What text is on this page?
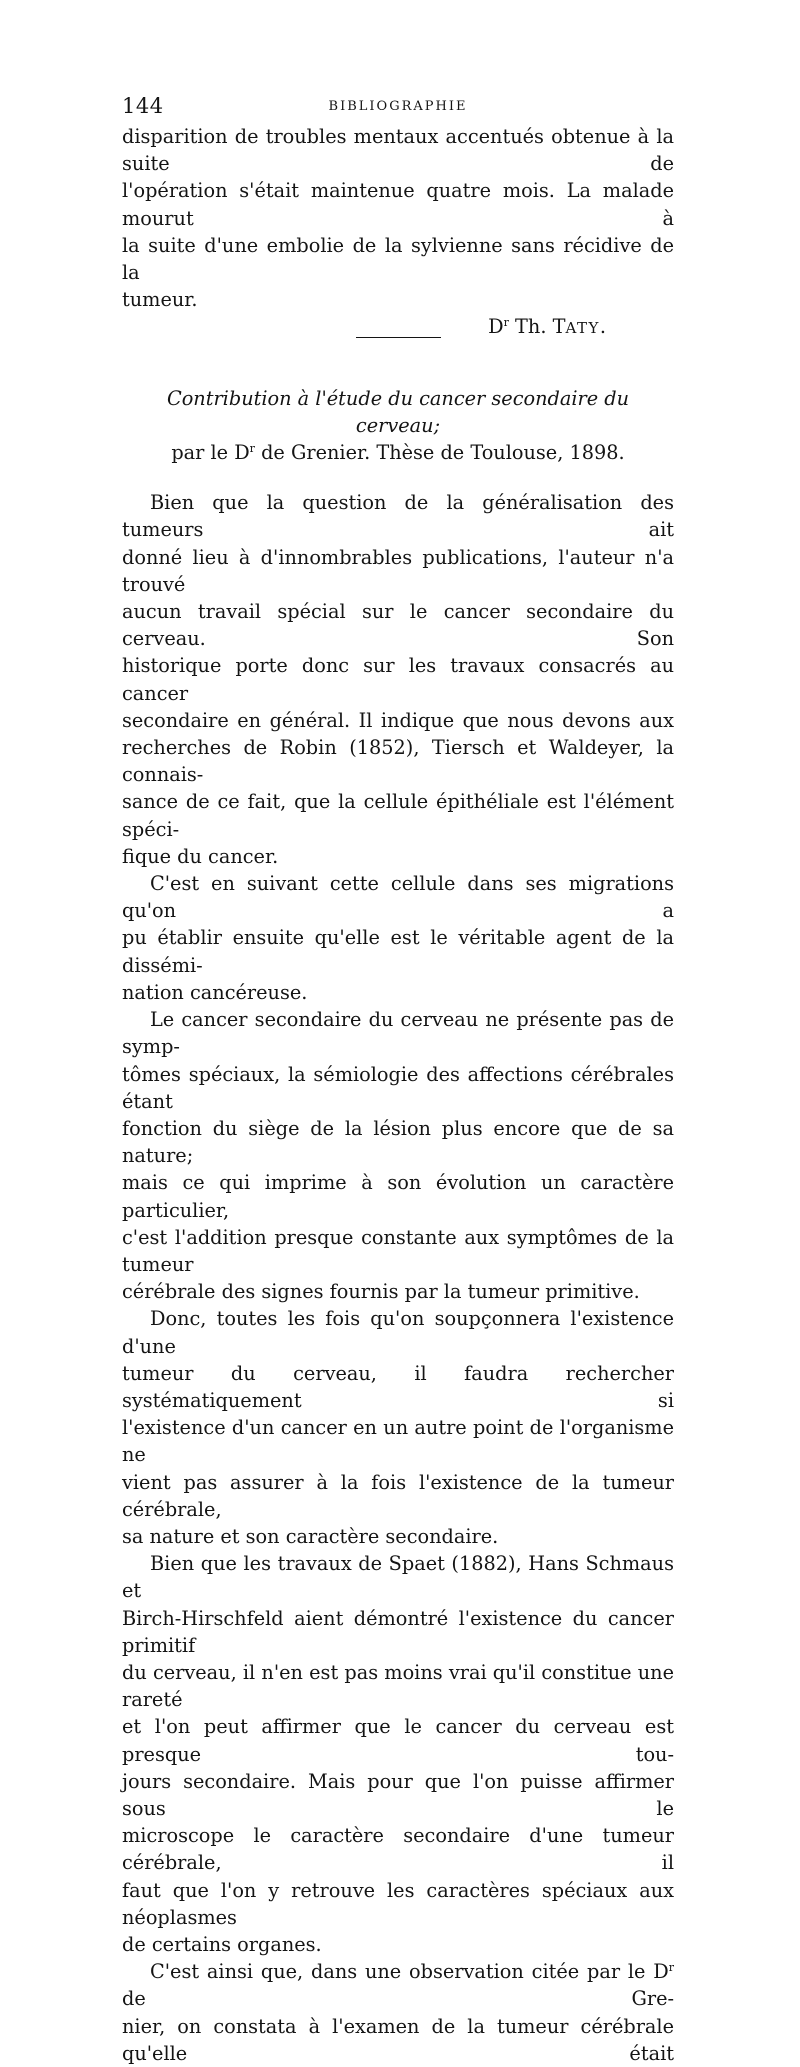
144	BIBLIOGRAPHIE

disparition de troubles mentaux accentués obtenue à la suite de

l'opération s'était maintenue quatre mois. La malade mourut à

la suite d'une embolie de la sylvienne sans récidive de la

tumeur.

$D^r$ Th. TATY.

Contribution à l'étude du cancer secondaire du cerveau;

par le $D^r$ de Grenier. Thèse de Toulouse, 1898.

Bien que la question de la généralisation des tumeurs ait

donné lieu à d'innombrables publications, l'auteur n'a trouvé

aucun travail spécial sur le cancer secondaire du cerveau. Son

historique porte donc sur les travaux consacrés au cancer

secondaire en général. Il indique que nous devons aux

recherches de Robin (1852), Tiersch et Waldeyer, la connais-

sance de ce fait, que la cellule épithéliale est l'élément spéci-

fique du cancer.

C'est en suivant cette cellule dans ses migrations qu'on a

pu établir ensuite qu'elle est le véritable agent de la dissémi-

nation cancéreuse.

Le cancer secondaire du cerveau ne présente pas de symp-

tômes spéciaux, la sémiologie des affections cérébrales étant

fonction du siège de la lésion plus encore que de sa nature;

mais ce qui imprime à son évolution un caractère particulier,

c'est l'addition presque constante aux symptômes de la tumeur

cérébrale des signes fournis par la tumeur primitive.

Donc, toutes les fois qu'on soupçonnera l'existence d'une

tumeur du cerveau, il faudra rechercher systématiquement si

l'existence d'un cancer en un autre point de l'organisme ne

vient pas assurer à la fois l'existence de la tumeur cérébrale,

sa nature et son caractère secondaire.

Bien que les travaux de Spaet (1882), Hans Schmaus et

Birch-Hirschfeld aient démontré l'existence du cancer primitif

du cerveau, il n'en est pas moins vrai qu'il constitue une rareté

et l'on peut affirmer que le cancer du cerveau est presque tou-

jours secondaire. Mais pour que l'on puisse affirmer sous le

microscope le caractère secondaire d'une tumeur cérébrale, il

faut que l'on y retrouve les caractères spéciaux aux néoplasmes

de certains organes.

C'est ainsi que, dans une observation citée par le $D^r$ de Gre-

nier, on constata à l'examen de la tumeur cérébrale qu'elle était
